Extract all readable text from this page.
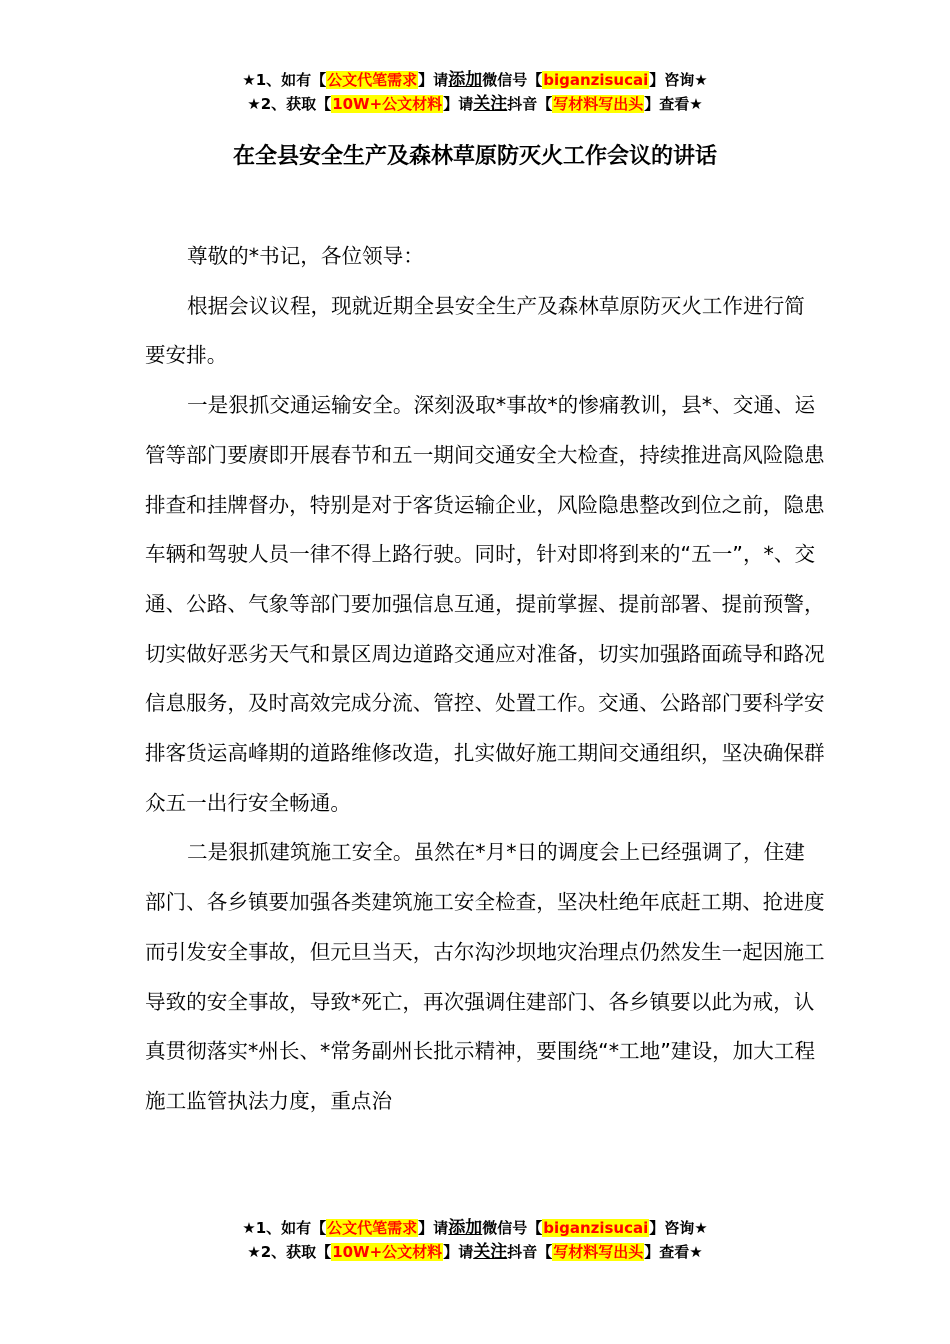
★1、如有【公文代笔需求】请添加微信号【biganzisucai】咨询★
★2、获取【10W+公文材料】请关注抖音【写材料写出头】查看★
在全县安全生产及森林草原防灭火工作会议的讲话

尊敬的*书记，各位领导：

根据会议议程，现就近期全县安全生产及森林草原防灭火工作进行简要安排。

一是狠抓交通运输安全。深刻汲取*事故*的惨痛教训，县*、交通、运管等部门要赓即开展春节和五一期间交通安全大检查，持续推进高风险隐患排查和挂牌督办，特别是对于客货运输企业，风险隐患整改到位之前，隐患车辆和驾驶人员一律不得上路行驶。同时，针对即将到来的“五一”，*、交通、公路、气象等部门要加强信息互通，提前掌握、提前部署、提前预警，切实做好恶劣天气和景区周边道路交通应对准备，切实加强路面疏导和路况信息服务，及时高效完成分流、管控、处置工作。交通、公路部门要科学安排客货运高峰期的道路维修改造，扎实做好施工期间交通组织，坚决确保群众五一出行安全畅通。

二是狠抓建筑施工安全。虽然在*月*日的调度会上已经强调了，住建部门、各乡镇要加强各类建筑施工安全检查，坚决杜绝年底赶工期、抢进度而引发安全事故，但元旦当天，古尔沟沙坝地灾治理点仍然发生一起因施工导致的安全事故，导致*死亡，再次强调住建部门、各乡镇要以此为戒，认真贯彻落实*州长、*常务副州长批示精神，要围绕“*工地”建设，加大工程施工监管执法力度，重点治

★1、如有【公文代笔需求】请添加微信号【biganzisucai】咨询★
★2、获取【10W+公文材料】请关注抖音【写材料写出头】查看★
